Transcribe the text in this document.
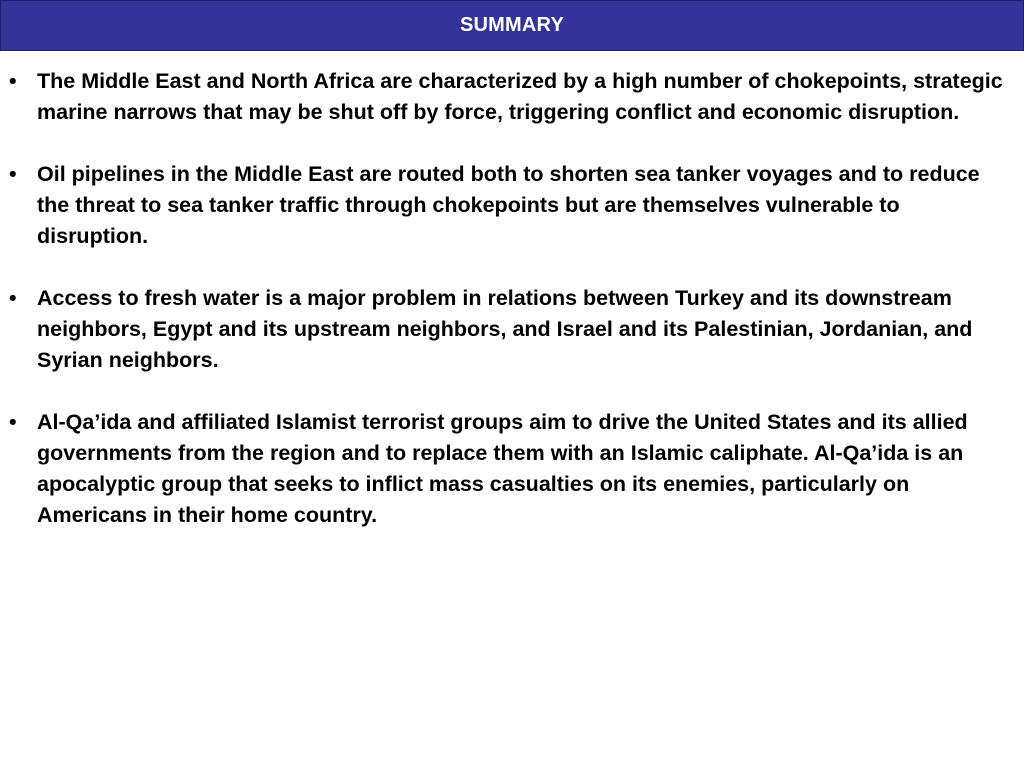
SUMMARY
• The Middle East and North Africa are characterized by a high number of chokepoints, strategic marine narrows that may be shut off by force, triggering conflict and economic disruption.
• Oil pipelines in the Middle East are routed both to shorten sea tanker voyages and to reduce the threat to sea tanker traffic through chokepoints but are themselves vulnerable to disruption.
• Access to fresh water is a major problem in relations between Turkey and its downstream neighbors, Egypt and its upstream neighbors, and Israel and its Palestinian, Jordanian, and Syrian neighbors.
• Al-Qa’ida and affiliated Islamist terrorist groups aim to drive the United States and its allied governments from the region and to replace them with an Islamic caliphate. Al-Qa’ida is an apocalyptic group that seeks to inflict mass casualties on its enemies, particularly on Americans in their home country.
